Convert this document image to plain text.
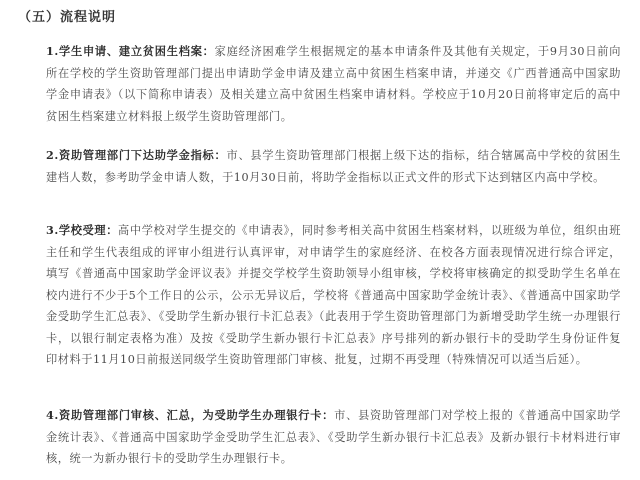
（五）流程说明

1.学生申请、建立贫困生档案：家庭经济困难学生根据规定的基本申请条件及其他有关规定，于9月30日前向所在学校的学生资助管理部门提出申请助学金申请及建立高中贫困生档案申请，并递交《广西普通高中国家助学金申请表》（以下简称申请表）及相关建立高中贫困生档案申请材料。学校应于10月20日前将审定后的高中贫困生档案建立材料报上级学生资助管理部门。

2.资助管理部门下达助学金指标：市、县学生资助管理部门根据上级下达的指标，结合辖属高中学校的贫困生建档人数，参考助学金申请人数，于10月30日前，将助学金指标以正式文件的形式下达到辖区内高中学校。

3.学校受理：高中学校对学生提交的《申请表》，同时参考相关高中贫困生档案材料，以班级为单位，组织由班主任和学生代表组成的评审小组进行认真评审，对申请学生的家庭经济、在校各方面表现情况进行综合评定，填写《普通高中国家助学金评议表》并提交学校学生资助领导小组审核，学校将审核确定的拟受助学生名单在校内进行不少于5个工作日的公示，公示无异议后，学校将《普通高中国家助学金统计表》、《普通高中国家助学金受助学生汇总表》、《受助学生新办银行卡汇总表》（此表用于学生资助管理部门为新增受助学生统一办理银行卡，以银行制定表格为准）及按《受助学生新办银行卡汇总表》序号排列的新办银行卡的受助学生身份证件复印材料于11月10日前报送同级学生资助管理部门审核、批复，过期不再受理（特殊情况可以适当后延）。

4.资助管理部门审核、汇总，为受助学生办理银行卡：市、县资助管理部门对学校上报的《普通高中国家助学金统计表》、《普通高中国家助学金受助学生汇总表》、《受助学生新办银行卡汇总表》及新办银行卡材料进行审核，统一为新办银行卡的受助学生办理银行卡。
